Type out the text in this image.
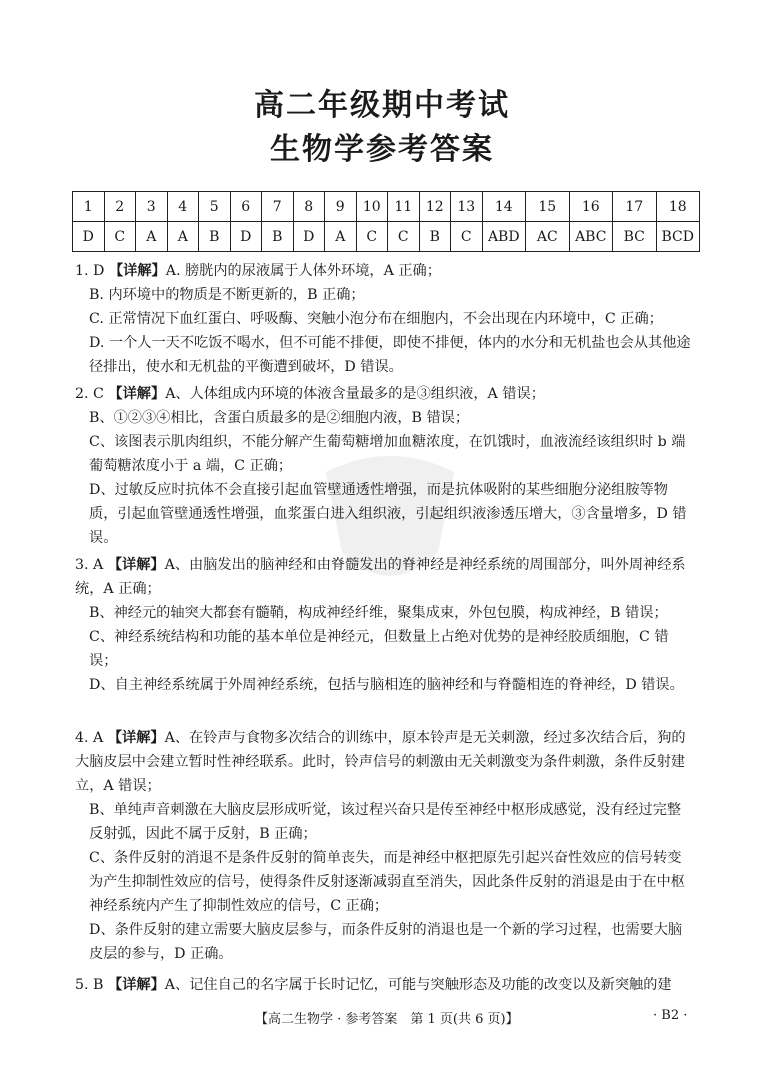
高二年级期中考试
生物学参考答案
1	2	3	4	5	6	7	8	9	10	11	12	13	14	15	16	17	18
D	C	A	A	B	D	B	D	A	C	C	B	C	ABD	AC	ABC	BC	BCD
1. D 【详解】A. 膀胱内的尿液属于人体外环境，A 正确；
B. 内环境中的物质是不断更新的，B 正确；
C. 正常情况下血红蛋白、呼吸酶、突触小泡分布在细胞内，不会出现在内环境中，C 正确；
D. 一个人一天不吃饭不喝水，但不可能不排便，即使不排便，体内的水分和无机盐也会从其他途径排出，使水和无机盐的平衡遭到破坏，D 错误。
2. C 【详解】A、人体组成内环境的体液含量最多的是③组织液，A 错误；
B、①②③④相比，含蛋白质最多的是②细胞内液，B 错误；
C、该图表示肌肉组织，不能分解产生葡萄糖增加血糖浓度，在饥饿时，血液流经该组织时 b 端葡萄糖浓度小于 a 端，C 正确；
D、过敏反应时抗体不会直接引起血管壁通透性增强，而是抗体吸附的某些细胞分泌组胺等物质，引起血管壁通透性增强，血浆蛋白进入组织液，引起组织液渗透压增大，③含量增多，D 错误。
3. A 【详解】A、由脑发出的脑神经和由脊髓发出的脊神经是神经系统的周围部分，叫外周神经系统，A 正确；
B、神经元的轴突大都套有髓鞘，构成神经纤维，聚集成束，外包包膜，构成神经，B 错误；
C、神经系统结构和功能的基本单位是神经元，但数量上占绝对优势的是神经胶质细胞，C 错误；
D、自主神经系统属于外周神经系统，包括与脑相连的脑神经和与脊髓相连的脊神经，D 错误。
4. A 【详解】A、在铃声与食物多次结合的训练中，原本铃声是无关刺激，经过多次结合后，狗的大脑皮层中会建立暂时性神经联系。此时，铃声信号的刺激由无关刺激变为条件刺激，条件反射建立，A 错误；
B、单纯声音刺激在大脑皮层形成听觉，该过程兴奋只是传至神经中枢形成感觉，没有经过完整反射弧，因此不属于反射，B 正确；
C、条件反射的消退不是条件反射的简单丧失，而是神经中枢把原先引起兴奋性效应的信号转变为产生抑制性效应的信号，使得条件反射逐渐减弱直至消失，因此条件反射的消退是由于在中枢神经系统内产生了抑制性效应的信号，C 正确；
D、条件反射的建立需要大脑皮层参与，而条件反射的消退也是一个新的学习过程，也需要大脑皮层的参与，D 正确。
5. B 【详解】A、记住自己的名字属于长时记忆，可能与突触形态及功能的改变以及新突触的建
【高二生物学 · 参考答案　第 1 页(共 6 页)】	· B2 ·
